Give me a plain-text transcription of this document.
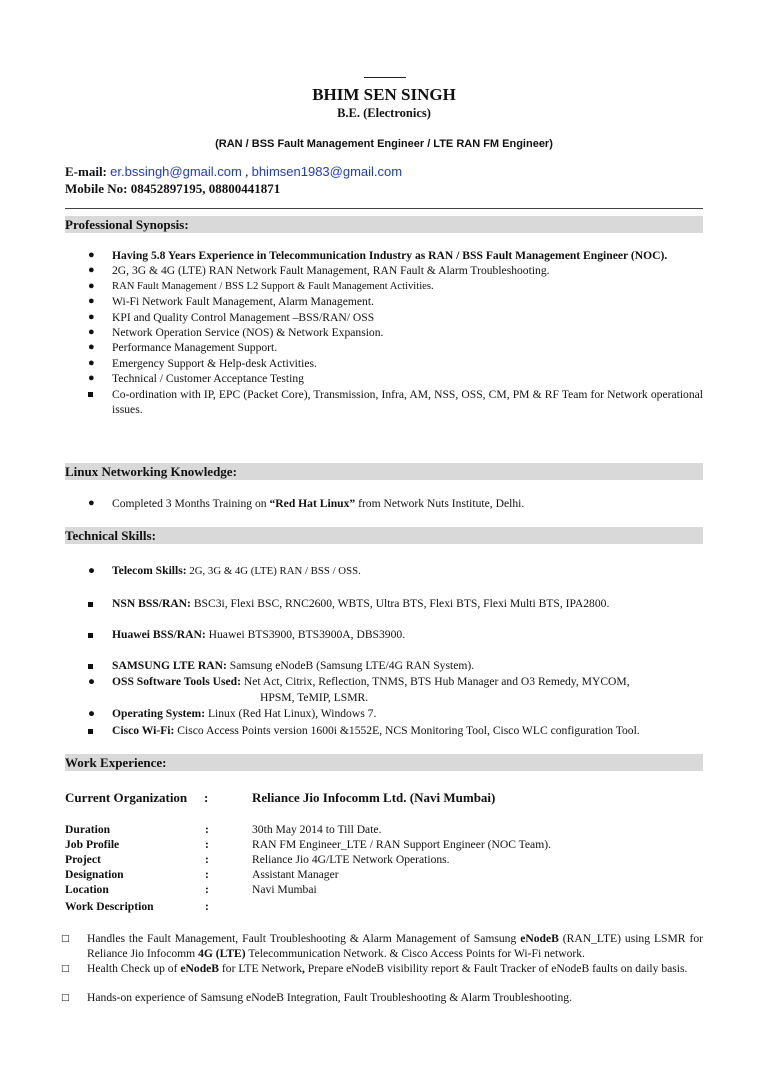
BHIM SEN SINGH
B.E. (Electronics)
(RAN / BSS Fault Management Engineer / LTE RAN FM Engineer)
E-mail: er.bssingh@gmail.com , bhimsen1983@gmail.com
Mobile No: 08452897195, 08800441871
Professional Synopsis:
● Having 5.8 Years Experience in Telecommunication Industry as RAN / BSS Fault Management Engineer (NOC).
● 2G, 3G & 4G (LTE) RAN Network Fault Management, RAN Fault & Alarm Troubleshooting.
● RAN Fault Management / BSS L2 Support & Fault Management Activities.
● Wi-Fi Network Fault Management, Alarm Management.
● KPI and Quality Control Management –BSS/RAN/ OSS
● Network Operation Service (NOS) & Network Expansion.
● Performance Management Support.
● Emergency Support & Help-desk Activities.
● Technical / Customer Acceptance Testing
Co-ordination with IP, EPC (Packet Core), Transmission, Infra, AM, NSS, OSS, CM, PM & RF Team for Network operational issues.
Linux Networking Knowledge:
● Completed 3 Months Training on “Red Hat Linux” from Network Nuts Institute, Delhi.
Technical Skills:
● Telecom Skills: 2G, 3G & 4G (LTE) RAN / BSS / OSS.
NSN BSS/RAN: BSC3i, Flexi BSC, RNC2600, WBTS, Ultra BTS, Flexi BTS, Flexi Multi BTS, IPA2800.
Huawei BSS/RAN: Huawei BTS3900, BTS3900A, DBS3900.
SAMSUNG LTE RAN: Samsung eNodeB (Samsung LTE/4G RAN System).
● OSS Software Tools Used: Net Act, Citrix, Reflection, TNMS, BTS Hub Manager and O3 Remedy, MYCOM,
HPSM, TeMIP, LSMR.
● Operating System: Linux (Red Hat Linux), Windows 7.
Cisco Wi-Fi: Cisco Access Points version 1600i &1552E, NCS Monitoring Tool, Cisco WLC configuration Tool.
Work Experience:
Current Organization :	Reliance Jio Infocomm Ltd. (Navi Mumbai)
Duration	:	30th May 2014 to Till Date.
Job Profile	:	RAN FM Engineer_LTE / RAN Support Engineer (NOC Team).
Project	:	Reliance Jio 4G/LTE Network Operations.
Designation	:	Assistant Manager
Location	:	Navi Mumbai
Work Description	:
□ Handles the Fault Management, Fault Troubleshooting & Alarm Management of Samsung eNodeB (RAN_LTE) using LSMR for Reliance Jio Infocomm 4G (LTE) Telecommunication Network. & Cisco Access Points for Wi-Fi network.
□ Health Check up of eNodeB for LTE Network, Prepare eNodeB visibility report & Fault Tracker of eNodeB faults on daily basis.
□ Hands-on experience of Samsung eNodeB Integration, Fault Troubleshooting & Alarm Troubleshooting.
